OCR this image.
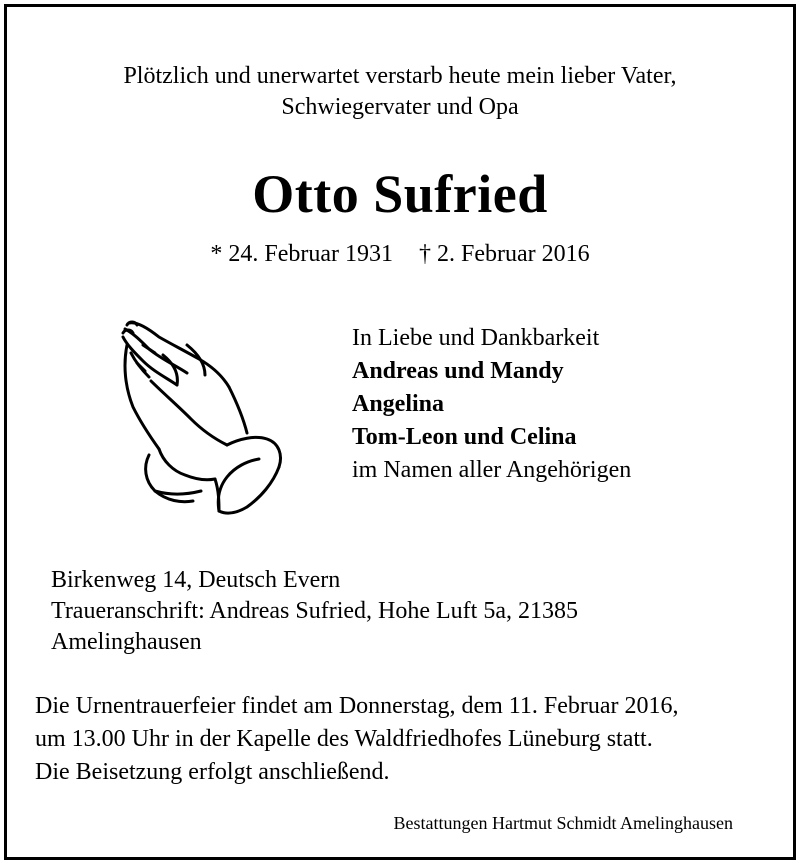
Plötzlich und unerwartet verstarb heute mein lieber Vater,
Schwiegervater und Opa
Otto Sufried
* 24. Februar 1931 † 2. Februar 2016
In Liebe und Dankbarkeit
Andreas und Mandy
Angelina
Tom-Leon und Celina
im Namen aller Angehörigen
Birkenweg 14, Deutsch Evern
Traueranschrift: Andreas Sufried, Hohe Luft 5a, 21385
Amelinghausen
Die Urnentrauerfeier findet am Donnerstag, dem 11. Februar 2016,
um 13.00 Uhr in der Kapelle des Waldfriedhofes Lüneburg statt.
Die Beisetzung erfolgt anschließend.
Bestattungen Hartmut Schmidt Amelinghausen
